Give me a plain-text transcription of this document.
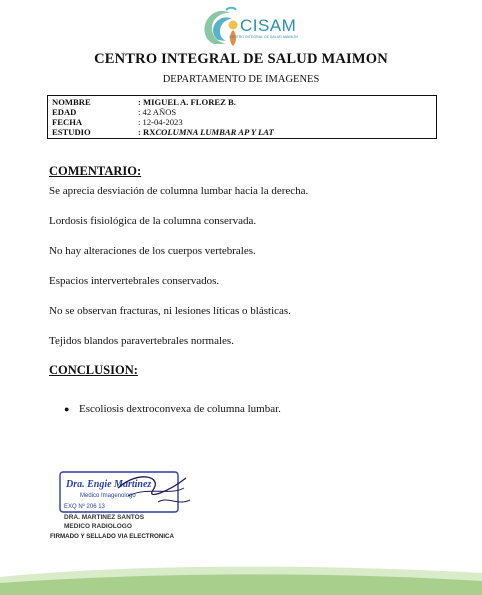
CISAM
CENTRO INTEGRAL DE SALUD MAIMON
CENTRO INTEGRAL DE SALUD MAIMON
DEPARTAMENTO DE IMAGENES
NOMBRE	: MIGUEL A. FLOREZ B.
EDAD	: 42 AÑOS
FECHA	: 12-04-2023
ESTUDIO	: RXCOLUMNA LUMBAR AP Y LAT
COMENTARIO:
Se aprecia desviación de columna lumbar hacia la derecha.
Lordosis fisiológica de la columna conservada.
No hay alteraciones de los cuerpos vertebrales.
Espacios intervertebrales conservados.
No se observan fracturas, ni lesiones líticas o blásticas.
Tejidos blandos paravertebrales normales.
CONCLUSION:
● Escoliosis dextroconvexa de columna lumbar.
Dra. Engie Martinez
Medico Imagenologo
EXQ Nº 206 13
DRA. MARTINEZ SANTOS
MEDICO RADIOLOGO
FIRMADO Y SELLADO VIA ELECTRONICA
